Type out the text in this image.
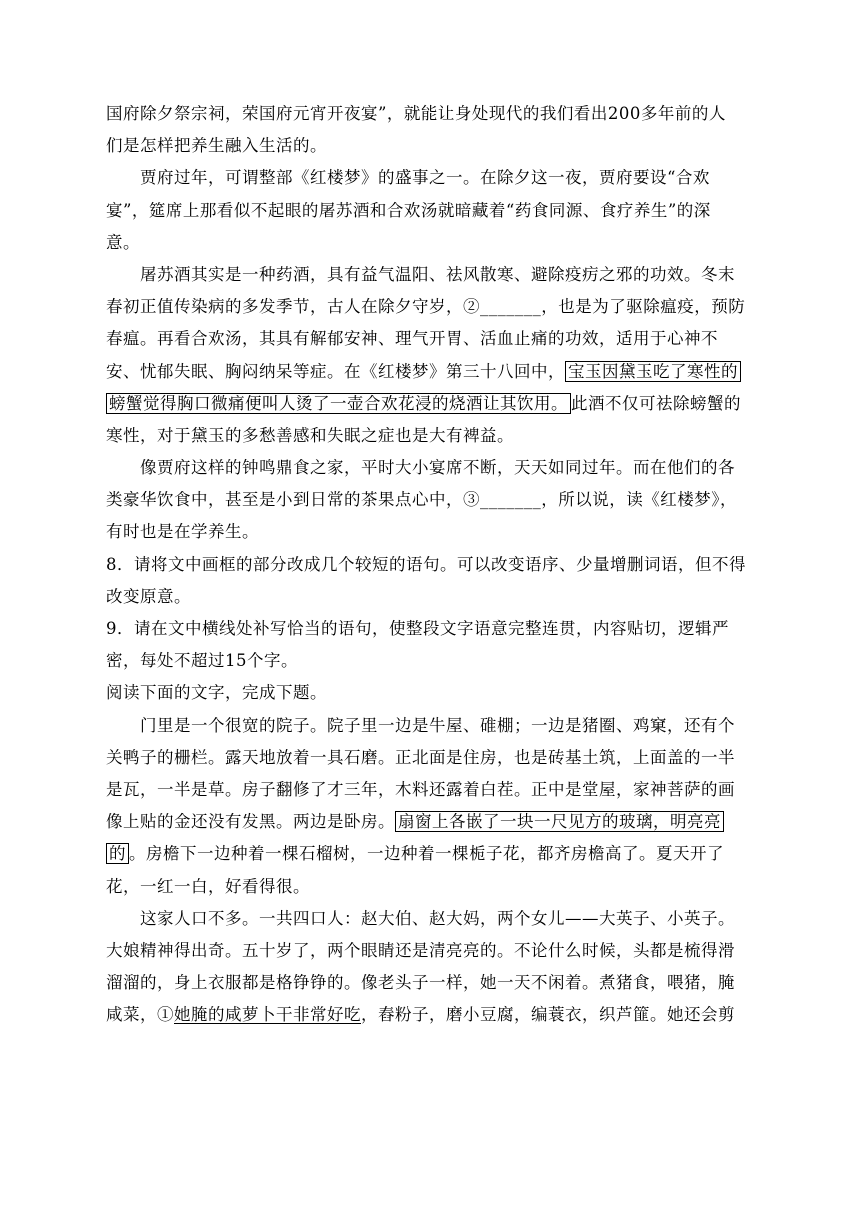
国府除夕祭宗祠，荣国府元宵开夜宴”，就能让身处现代的我们看出200多年前的人
们是怎样把养生融入生活的。
贾府过年，可谓整部《红楼梦》的盛事之一。在除夕这一夜，贾府要设“合欢
宴”，筵席上那看似不起眼的屠苏酒和合欢汤就暗藏着“药食同源、食疗养生”的深
意。
屠苏酒其实是一种药酒，具有益气温阳、祛风散寒、避除疫疠之邪的功效。冬末
春初正值传染病的多发季节，古人在除夕守岁，②_______，也是为了驱除瘟疫，预防
春瘟。再看合欢汤，其具有解郁安神、理气开胃、活血止痛的功效，适用于心神不
安、忧郁失眠、胸闷纳呆等症。在《红楼梦》第三十八回中， 宝玉因黛玉吃了寒性的
螃蟹觉得胸口微痛便叫人烫了一壶合欢花浸的烧酒让其饮用。 此酒不仅可祛除螃蟹的
寒性，对于黛玉的多愁善感和失眠之症也是大有裨益。
像贾府这样的钟鸣鼎食之家，平时大小宴席不断，天天如同过年。而在他们的各
类豪华饮食中，甚至是小到日常的茶果点心中，③_______，所以说，读《红楼梦》，
有时也是在学养生。
8．请将文中画框的部分改成几个较短的语句。可以改变语序、少量增删词语，但不得
改变原意。
9．请在文中横线处补写恰当的语句，使整段文字语意完整连贯，内容贴切，逻辑严
密，每处不超过15个字。
阅读下面的文字，完成下题。
门里是一个很宽的院子。院子里一边是牛屋、碓棚；一边是猪圈、鸡窠，还有个
关鸭子的栅栏。露天地放着一具石磨。正北面是住房，也是砖基土筑，上面盖的一半
是瓦，一半是草。房子翻修了才三年，木料还露着白茬。正中是堂屋，家神菩萨的画
像上贴的金还没有发黑。两边是卧房。 扇窗上各嵌了一块一尺见方的玻璃，明亮亮
的 。房檐下一边种着一棵石榴树，一边种着一棵栀子花，都齐房檐高了。夏天开了
花，一红一白，好看得很。
这家人口不多。一共四口人：赵大伯、赵大妈，两个女儿——大英子、小英子。
大娘精神得出奇。五十岁了，两个眼睛还是清亮亮的。不论什么时候，头都是梳得滑
溜溜的，身上衣服都是格铮铮的。像老头子一样，她一天不闲着。煮猪食，喂猪，腌
咸菜，①她腌的咸萝卜干非常好吃，舂粉子，磨小豆腐，编蓑衣，织芦篚。她还会剪
